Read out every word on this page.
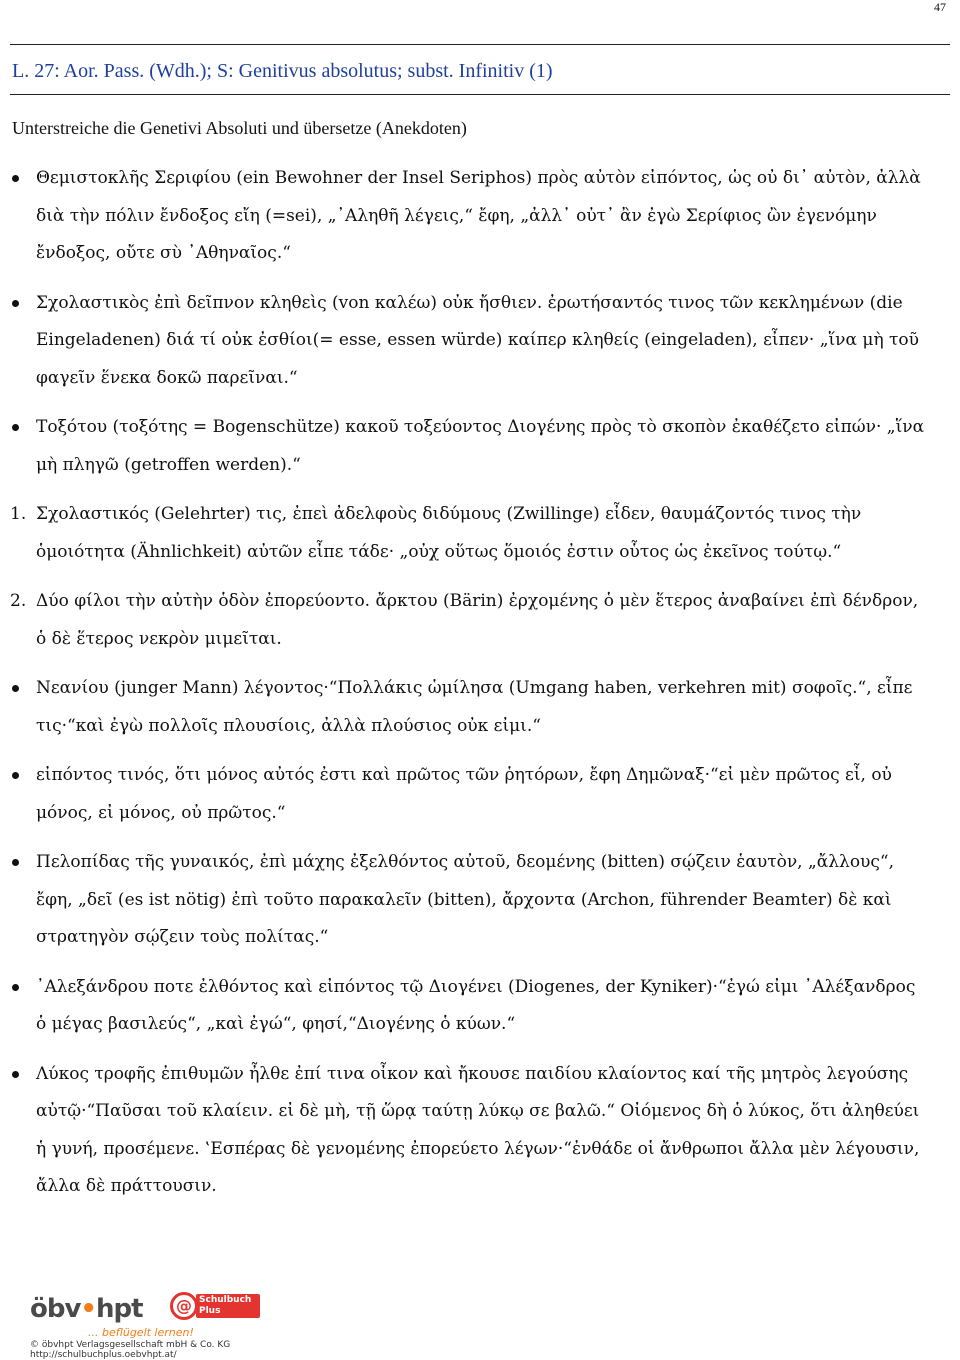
47
L. 27: Aor. Pass. (Wdh.); S: Genitivus absolutus; subst. Infinitiv (1)
Unterstreiche die Genetivi Absoluti und übersetze (Anekdoten)
Θεμιστοκλῆς Σεριφίου (ein Bewohner der Insel Seriphos) πρὸς αὐτὸν εἰπόντος, ὡς οὐ δι᾽ αὐτὸν, ἀλλὰ διὰ τὴν πόλιν ἔνδοξος εἴη (=sei), „᾽Αληθῆ λέγεις,“ ἔφη, „ἀλλ᾽ οὐτ᾽ ἂν ἐγὼ Σερίφιος ὢν ἐγενόμην ἔνδοξος, οὔτε σὺ ᾽Αθηναῖος.“
Σχολαστικὸς ἐπὶ δεῖπνον κληθεὶς (von καλέω) οὐκ ἤσθιεν. ἐρωτήσαντός τινος τῶν κεκλημένων (die Eingeladenen) διά τί οὐκ ἐσθίοι(= esse, essen würde) καίπερ κληθείς (eingeladen), εἶπεν· „ἵνα μὴ τοῦ φαγεῖν ἕνεκα δοκῶ παρεῖναι.“
Τοξότου (τοξότης = Bogenschütze) κακοῦ τοξεύοντος Διογένης πρὸς τὸ σκοπὸν ἐκαθέζετο εἰπών· „ἵνα μὴ πληγῶ (getroffen werden).“
1. Σχολαστικός (Gelehrter) τις, ἐπεὶ ἀδελφοὺς διδύμους (Zwillinge) εἶδεν, θαυμάζοντός τινος τὴν ὁμοιότητα (Ähnlichkeit) αὐτῶν εἶπε τάδε· „οὐχ οὕτως ὅμοιός ἐστιν οὗτος ὡς ἐκεῖνος τούτῳ.“
2. Δύο φίλοι τὴν αὐτὴν ὁδὸν ἐπορεύοντο. ἄρκτου (Bärin) ἐρχομένης ὁ μὲν ἕτερος ἀναβαίνει ἐπὶ δένδρον, ὁ δὲ ἕτερος νεκρὸν μιμεῖται.
Νεανίου (junger Mann) λέγοντος·“Πολλάκις ὡμίλησα (Umgang haben, verkehren mit) σοφοῖς.“, εἶπε τις·“καὶ ἐγὼ πολλοῖς πλουσίοις, ἀλλὰ πλούσιος οὐκ εἰμι.“
εἰπόντος τινός, ὅτι μόνος αὐτός ἐστι καὶ πρῶτος τῶν ῥητόρων, ἔφη Δημῶναξ·“εἰ μὲν πρῶτος εἶ, οὐ μόνος, εἰ μόνος, οὐ πρῶτος.“
Πελοπίδας τῆς γυναικός, ἐπὶ μάχης ἐξελθόντος αὐτοῦ, δεομένης (bitten) σῴζειν ἑαυτὸν, „ἄλλους“, ἔφη, „δεῖ (es ist nötig) ἐπὶ τοῦτο παρακαλεῖν (bitten), ἄρχοντα (Archon, führender Beamter) δὲ καὶ στρατηγὸν σῴζειν τοὺς πολίτας.“
᾽Αλεξάνδρου ποτε ἐλθόντος καὶ εἰπόντος τῷ Διογένει (Diogenes, der Kyniker)·“ἐγώ εἰμι ᾽Αλέξανδρος ὁ μέγας βασιλεύς“, „καὶ ἐγώ“, φησί,“Διογένης ὁ κύων.“
Λύκος τροφῆς ἐπιθυμῶν ἦλθε ἐπί τινα οἶκον καὶ ἤκουσε παιδίου κλαίοντος καί τῆς μητρὸς λεγούσης αὐτῷ·“Παῦσαι τοῦ κλαίειν. εἰ δὲ μὴ, τῇ ὥρᾳ ταύτῃ λύκῳ σε βαλῶ.“ Οἰόμενος δὴ ὁ λύκος, ὅτι ἀληθεύει ἡ γυνή, προσέμενε. ‛Εσπέρας δὲ γενομένης ἐπορεύετο λέγων·“ἐνθάδε οἱ ἄνθρωποι ἄλλα μὲν λέγουσιν, ἄλλα δὲ πράττουσιν.
öbv•hpt
... beflügelt lernen!
@ Schulbuch Plus
© öbvhpt Verlagsgesellschaft mbH & Co. KG
http://schulbuchplus.oebvhpt.at/
